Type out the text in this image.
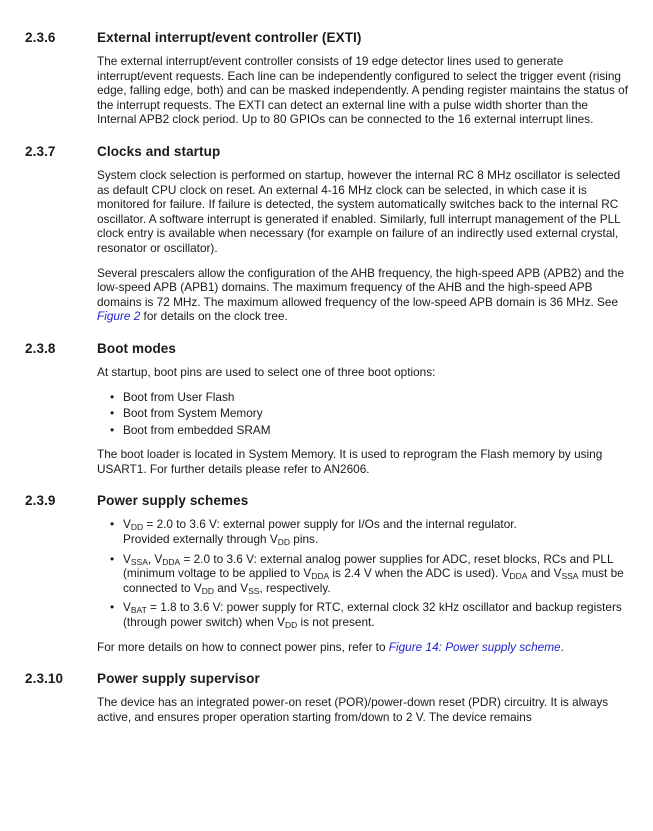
2.3.6	External interrupt/event controller (EXTI)

The external interrupt/event controller consists of 19 edge detector lines used to generate interrupt/event requests. Each line can be independently configured to select the trigger event (rising edge, falling edge, both) and can be masked independently. A pending register maintains the status of the interrupt requests. The EXTI can detect an external line with a pulse width shorter than the Internal APB2 clock period. Up to 80 GPIOs can be connected to the 16 external interrupt lines.

2.3.7	Clocks and startup

System clock selection is performed on startup, however the internal RC 8 MHz oscillator is selected as default CPU clock on reset. An external 4-16 MHz clock can be selected, in which case it is monitored for failure. If failure is detected, the system automatically switches back to the internal RC oscillator. A software interrupt is generated if enabled. Similarly, full interrupt management of the PLL clock entry is available when necessary (for example on failure of an indirectly used external crystal, resonator or oscillator).

Several prescalers allow the configuration of the AHB frequency, the high-speed APB (APB2) and the low-speed APB (APB1) domains. The maximum frequency of the AHB and the high-speed APB domains is 72 MHz. The maximum allowed frequency of the low-speed APB domain is 36 MHz. See Figure 2 for details on the clock tree.

2.3.8	Boot modes

At startup, boot pins are used to select one of three boot options:

• Boot from User Flash
• Boot from System Memory
• Boot from embedded SRAM

The boot loader is located in System Memory. It is used to reprogram the Flash memory by using USART1. For further details please refer to AN2606.

2.3.9	Power supply schemes
• $V_{DD} = 2.0$ to 3.6 V: external power supply for I/Os and the internal regulator.
Provided externally through $V_{DD}$ pins.
• $V_{SSA}$, $V_{DDA} = 2.0$ to 3.6 V: external analog power supplies for ADC, reset blocks, RCs and PLL (minimum voltage to be applied to $V_{DDA}$ is 2.4 V when the ADC is used). $V_{DDA}$ and $V_{SSA}$ must be connected to $V_{DD}$ and $V_{SS}$, respectively.
• $V_{BAT} = 1.8$ to 3.6 V: power supply for RTC, external clock 32 kHz oscillator and backup registers (through power switch) when $V_{DD}$ is not present.

For more details on how to connect power pins, refer to Figure 14: Power supply scheme.

2.3.10	Power supply supervisor

The device has an integrated power-on reset (POR)/power-down reset (PDR) circuitry. It is always active, and ensures proper operation starting from/down to 2 V. The device remains
